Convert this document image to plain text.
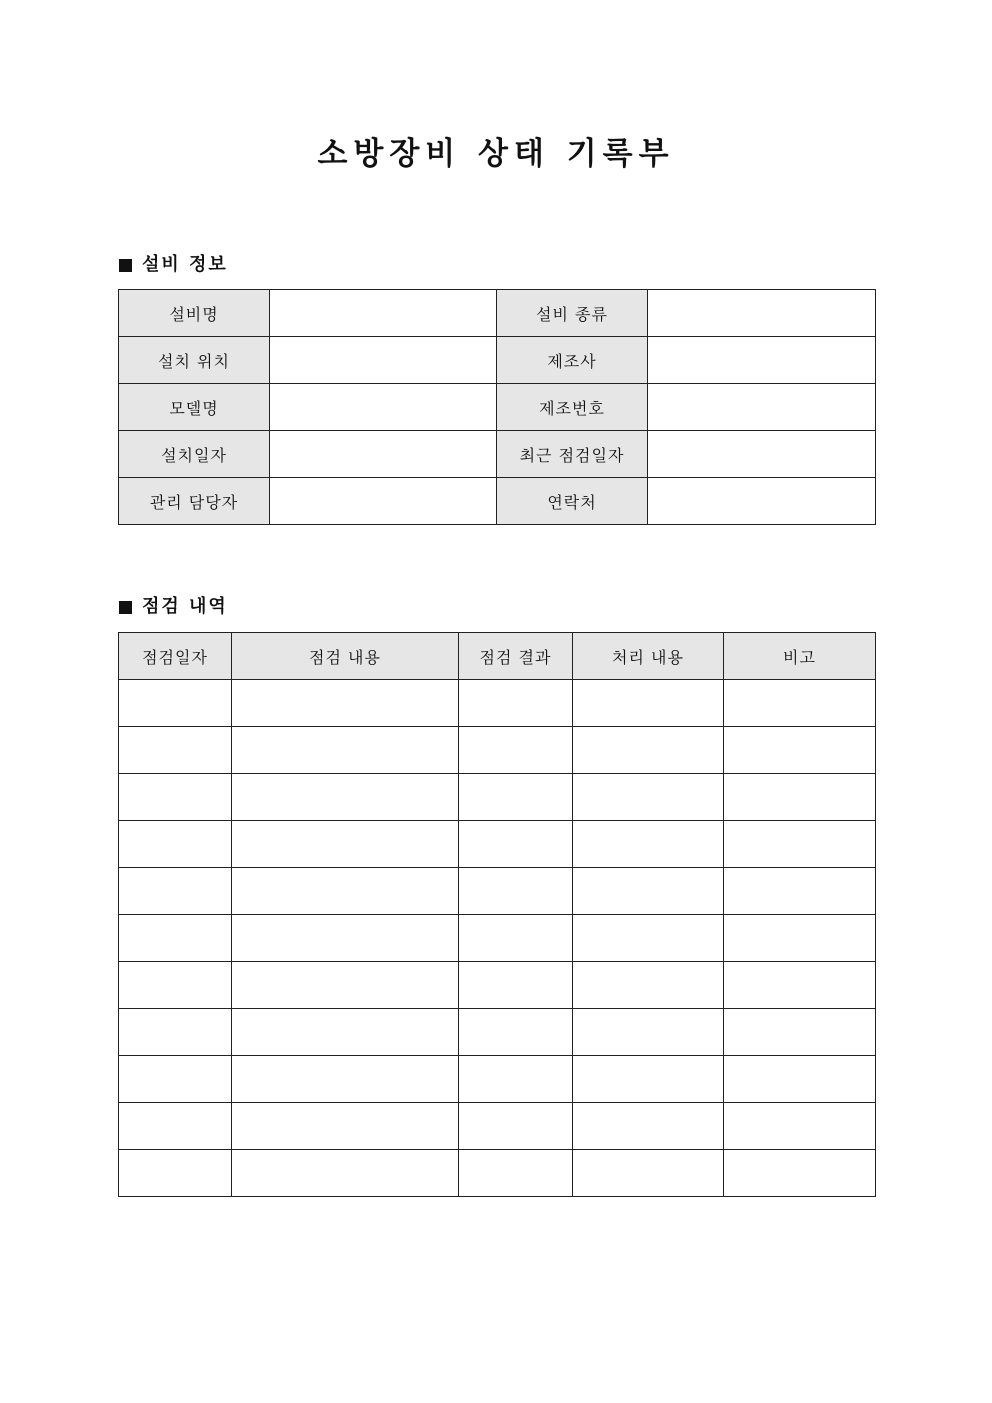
소방장비 상태 기록부
설비 정보
설비명		설비 종류	
설치 위치		제조사	
모델명		제조번호	
설치일자		최근 점검일자	
관리 담당자		연락처	
점검 내역
점검일자	점검 내용	점검 결과	처리 내용	비고
